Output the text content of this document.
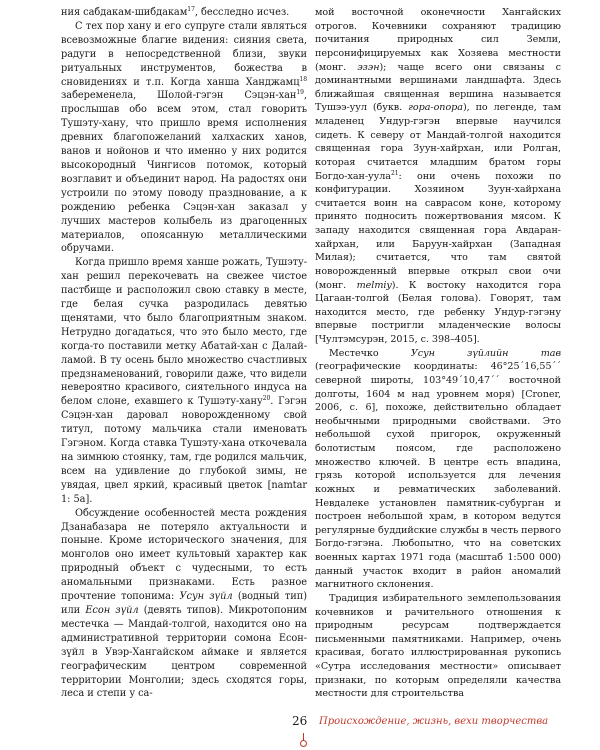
ния сабдакам-шибдакам$^{17}$, бесследно исчез.

С тех пор хану и его супруге стали являться всевозможные благие видения: сияния света, радуги в непосредственной близи, звуки ритуальных инструментов, божества в сновидениях и т.п. Когда ханша Ханджамц$^{18}$ забеременела, Шолой-гэгэн Сэцэн-хан$^{19}$, прослышав обо всем этом, стал говорить Тушэту-хану, что пришло время исполнения древних благопожеланий халхаских ханов, ванов и нойонов и что именно у них родится высокородный Чингисов потомок, который возглавит и объединит народ. На радостях они устроили по этому поводу празднование, а к рождению ребенка Сэцэн-хан заказал у лучших мастеров колыбель из драгоценных материалов, опоясанную металлическими обручами.

Когда пришло время ханше рожать, Тушэту-хан решил перекочевать на свежее чистое пастбище и расположил свою ставку в месте, где белая сучка разродилась девятью щенятами, что было благоприятным знаком. Нетрудно догадаться, что это было место, где когда-то поставили метку Абатай-хан с Далай-ламой. В ту осень было множество счастливых предзнаменований, говорили даже, что видели невероятно красивого, сиятельного индуса на белом слоне, ехавшего к Тушэту-хану$^{20}$. Гэгэн Сэцэн-хан даровал новорожденному свой титул, потому мальчика стали именовать Гэгэном. Когда ставка Тушэту-хана откочевала на зимнюю стоянку, там, где родился мальчик, всем на удивление до глубокой зимы, не увядая, цвел яркий, красивый цветок [namtar 1: 5a].

Обсуждение особенностей места рождения Дзанабазара не потеряло актуальности и поныне. Кроме исторического значения, для монголов оно имеет культовый характер как природный объект с чудесными, то есть аномальными признаками. Есть разное прочтение топонима: Усун зүйл (водный тип) или Есон зүйл (девять типов). Микротопоним местечка — Мандай-толгой, находится оно на административной территории сомона Есон-зүйл в Увэр-Хангайском аймаке и является географическим центром современной территории Монголии; здесь сходятся горы, леса и степи у са-

мой восточной оконечности Хангайских отрогов. Кочевники сохраняют традицию почитания природных сил Земли, персонифицируемых как Хозяева местности (монг. эзэн); чаще всего они связаны с доминантными вершинами ландшафта. Здесь ближайшая священная вершина называется Тушээ-уул (букв. гора-опора), по легенде, там младенец Ундур-гэгэн впервые научился сидеть. К северу от Мандай-толгой находится священная гора Зуун-хайрхан, или Ролган, которая считается младшим братом горы Богдо-хан-уула$^{21}$: они очень похожи по конфигурации. Хозяином Зуун-хайрхана считается воин на саврасом коне, которому принято подносить пожертвования мясом. К западу находится священная гора Авдаран-хайрхан, или Баруун-хайрхан (Западная Милая); считается, что там святой новорожденный впервые открыл свои очи (монг. melmiy). К востоку находится гора Цагаан-толгой (Белая голова). Говорят, там находится место, где ребенку Ундур-гэгэну впервые постригли младенческие волосы [Чултэмсурэн, 2015, с. 398–405].

Местечко Усун зүйлийн тав (географические координаты: 46°25´16,55´´ северной широты, 103°49´10,47´´ восточной долготы, 1604 м над уровнем моря) [Croner, 2006, с. 6], похоже, действительно обладает необычными природными свойствами. Это небольшой сухой пригорок, окруженный болотистым поясом, где расположено множество ключей. В центре есть впадина, грязь которой используется для лечения кожных и ревматических заболеваний. Невдалеке установлен памятник-субурган и построен небольшой храм, в котором ведутся регулярные буддийские службы в честь первого Богдо-гэгэна. Любопытно, что на советских военных картах 1971 года (масштаб 1:500 000) данный участок входит в район аномалий магнитного склонения.

Традиция избирательного землепользования кочевников и рачительного отношения к природным ресурсам подтверждается письменными памятниками. Например, очень красивая, богато иллюстрированная рукопись «Сутра исследования местности» описывает признаки, по которым определяли качества местности для строительства

26 Происхождение, жизнь, вехи творчества
